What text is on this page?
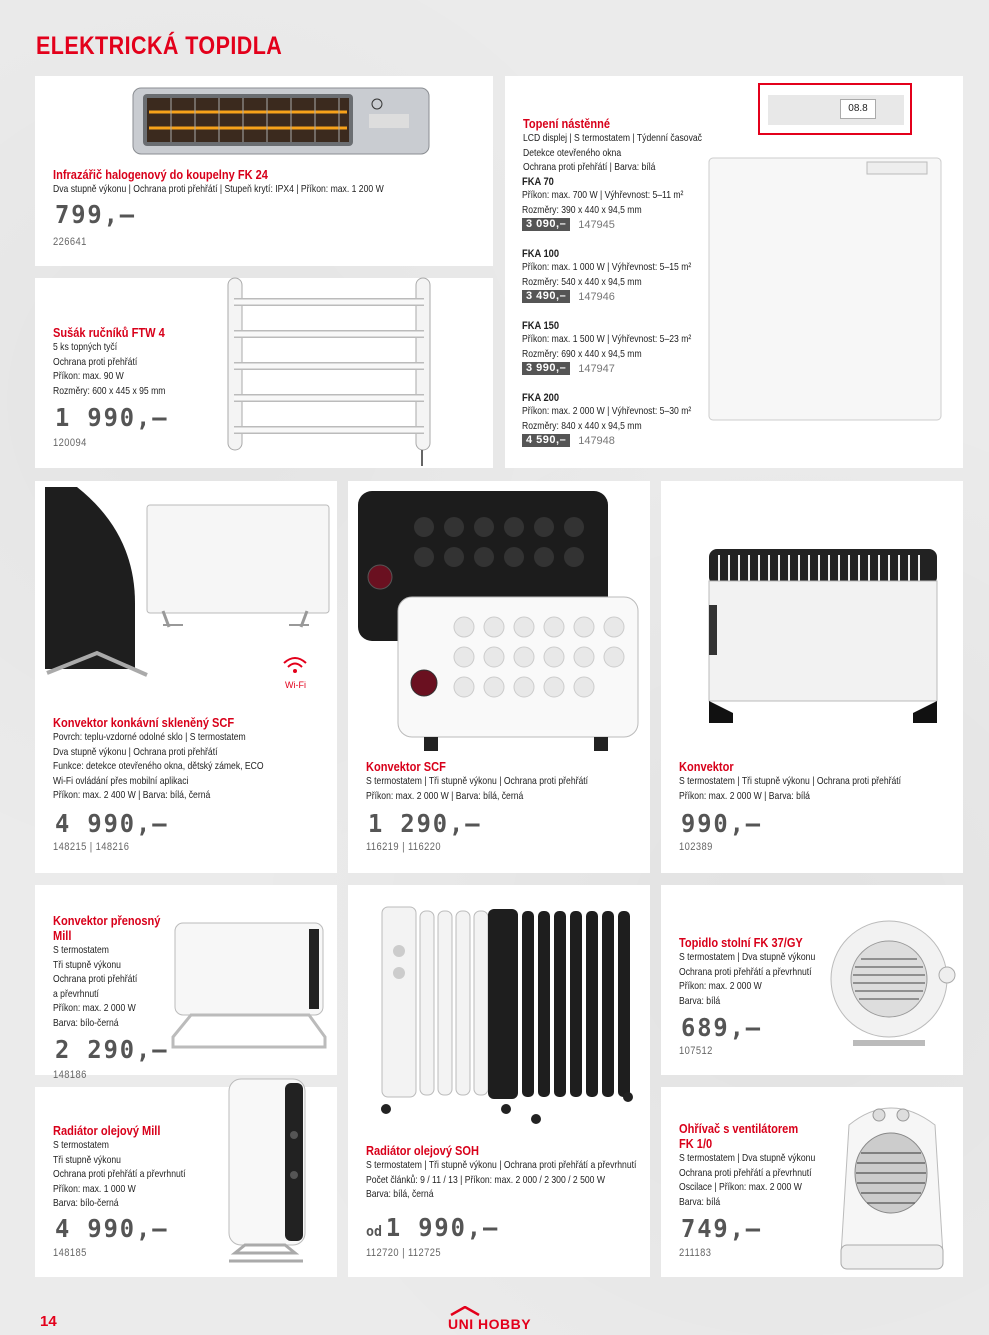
ELEKTRICKÁ TOPIDLA
Infrazářič halogenový do koupelny FK 24
Dva stupně výkonu | Ochrana proti přehřátí | Stupeň krytí: IPX4 | Příkon: max. 1 200 W
799,–
226641
Sušák ručníků FTW 4
5 ks topných tyčí
Ochrana proti přehřátí
Příkon: max. 90 W
Rozměry: 600 x 445 x 95 mm
1 990,–
120094
08.8
Topení nástěnné
LCD displej | S termostatem | Týdenní časovač
Detekce otevřeného okna
Ochrana proti přehřátí | Barva: bílá
FKA 70
Příkon: max. 700 W | Výhřevnost: 5–11 m²
Rozměry: 390 x 440 x 94,5 mm
3 090,–	147945
FKA 100
Příkon: max. 1 000 W | Výhřevnost: 5–15 m²
Rozměry: 540 x 440 x 94,5 mm
3 490,–	147946
FKA 150
Příkon: max. 1 500 W | Výhřevnost: 5–23 m²
Rozměry: 690 x 440 x 94,5 mm
3 990,–	147947
FKA 200
Příkon: max. 2 000 W | Výhřevnost: 5–30 m²
Rozměry: 840 x 440 x 94,5 mm
4 590,–	147948
Wi-Fi
Konvektor konkávní skleněný SCF
Povrch: teplu-vzdorné odolné sklo | S termostatem
Dva stupně výkonu | Ochrana proti přehřátí
Funkce: detekce otevřeného okna, dětský zámek, ECO
Wi-Fi ovládání přes mobilní aplikaci
Příkon: max. 2 400 W | Barva: bílá, černá
4 990,–
148215 | 148216
Konvektor SCF
S termostatem | Tři stupně výkonu | Ochrana proti přehřátí
Příkon: max. 2 000 W | Barva: bílá, černá
1 290,–
116219 | 116220
Konvektor
S termostatem | Tři stupně výkonu | Ochrana proti přehřátí
Příkon: max. 2 000 W | Barva: bílá
990,–
102389
Konvektor přenosný
Mill
S termostatem
Tři stupně výkonu
Ochrana proti přehřátí
a převrhnutí
Příkon: max. 2 000 W
Barva: bílo-černá
2 290,–
148186
Radiátor olejový Mill
S termostatem
Tři stupně výkonu
Ochrana proti přehřátí a převrhnutí
Příkon: max. 1 000 W
Barva: bílo-černá
4 990,–
148185
Radiátor olejový SOH
S termostatem | Tři stupně výkonu | Ochrana proti přehřátí a převrhnutí
Počet článků: 9 / 11 / 13 | Příkon: max. 2 000 / 2 300 / 2 500 W
Barva: bílá, černá
od 1 990,–
112720 | 112725
Topidlo stolní FK 37/GY
S termostatem | Dva stupně výkonu
Ochrana proti přehřátí a převrhnutí
Příkon: max. 2 000 W
Barva: bílá
689,–
107512
Ohřívač s ventilátorem
FK 1/0
S termostatem | Dva stupně výkonu
Ochrana proti přehřátí a převrhnutí
Oscilace | Příkon: max. 2 000 W
Barva: bílá
749,–
211183
14	UNI HOBBY
